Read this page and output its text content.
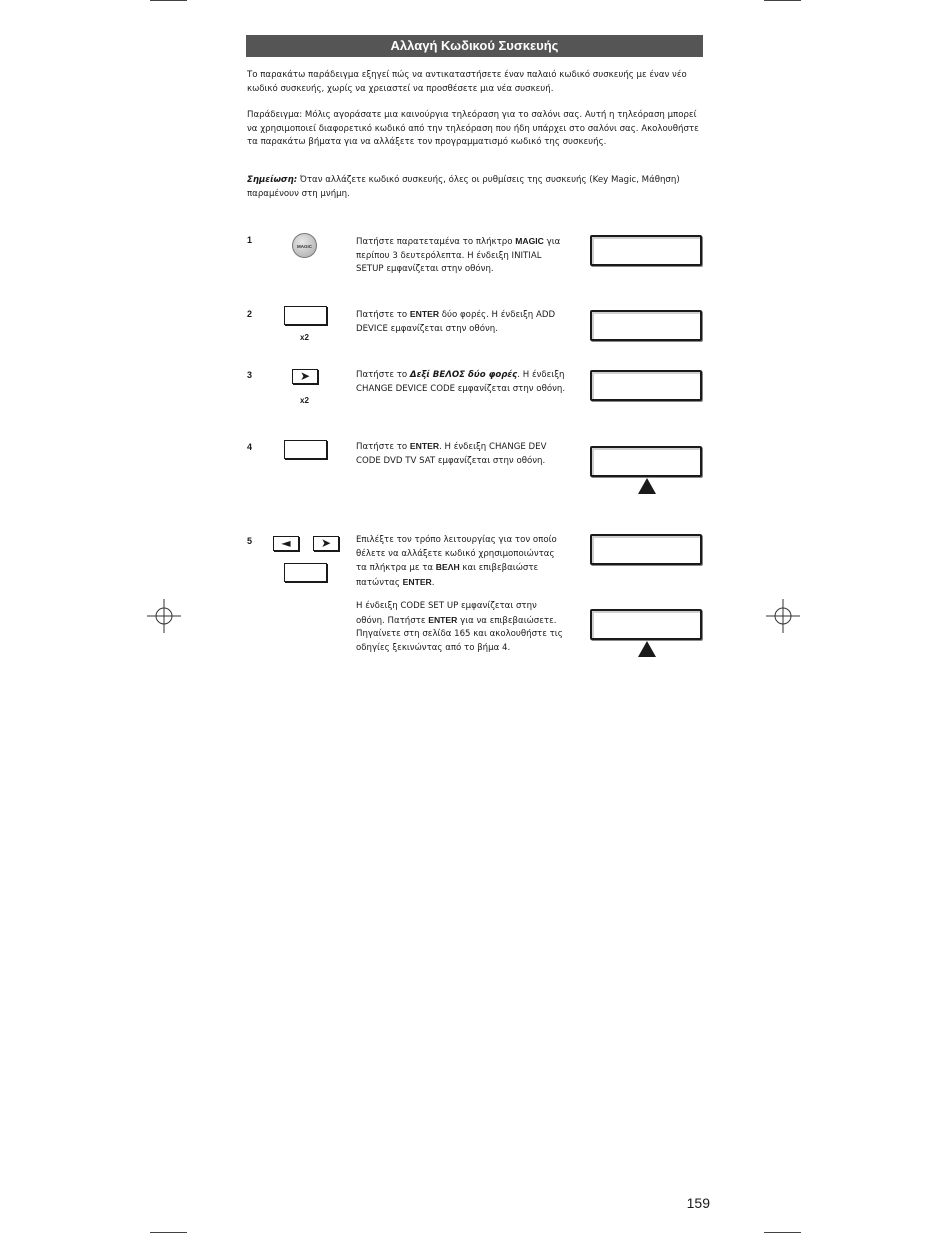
Αλλαγή Κωδικού Συσκευής
Το παρακάτω παράδειγμα εξηγεί πώς να αντικαταστήσετε έναν παλαιό κωδικό συσκευής με έναν νέο κωδικό συσκευής, χωρίς να χρειαστεί να προσθέσετε μια νέα συσκευή.
Παράδειγμα: Μόλις αγοράσατε μια καινούργια τηλεόραση για το σαλόνι σας. Αυτή η τηλεόραση μπορεί να χρησιμοποιεί διαφορετικό κωδικό από την τηλεόραση που ήδη υπάρχει στο σαλόνι σας. Ακολουθήστε τα παρακάτω βήματα για να αλλάξετε τον προγραμματισμό κωδικό της συσκευής.
Σημείωση: Όταν αλλάζετε κωδικό συσκευής, όλες οι ρυθμίσεις της συσκευής (Key Magic, Μάθηση) παραμένουν στη μνήμη.
1
MAGIC	Πατήστε παρατεταμένα το πλήκτρο MAGIC για περίπου 3 δευτερόλεπτα. Η ένδειξη INITIAL SETUP εμφανίζεται στην οθόνη.
2
x2
Πατήστε το ENTER δύο φορές. Η ένδειξη ADD DEVICE εμφανίζεται στην οθόνη.
3	➤
x2
Πατήστε το Δεξί ΒΕΛΟΣ δύο φορές. Η ένδειξη CHANGE DEVICE CODE εμφανίζεται στην οθόνη.
4	Πατήστε το ENTER. Η ένδειξη CHANGE DEV CODE DVD TV SAT εμφανίζεται στην οθόνη.
5	◄	➤	Επιλέξτε τον τρόπο λειτουργίας για τον οποίο θέλετε να αλλάξετε κωδικό χρησιμοποιώντας τα πλήκτρα με τα ΒΕΛΗ και επιβεβαιώστε πατώντας ENTER.
Η ένδειξη CODE SET UP εμφανίζεται στην οθόνη. Πατήστε ENTER για να επιβεβαιώσετε. Πηγαίνετε στη σελίδα 165 και ακολουθήστε τις οδηγίες ξεκινώντας από το βήμα 4.
159
